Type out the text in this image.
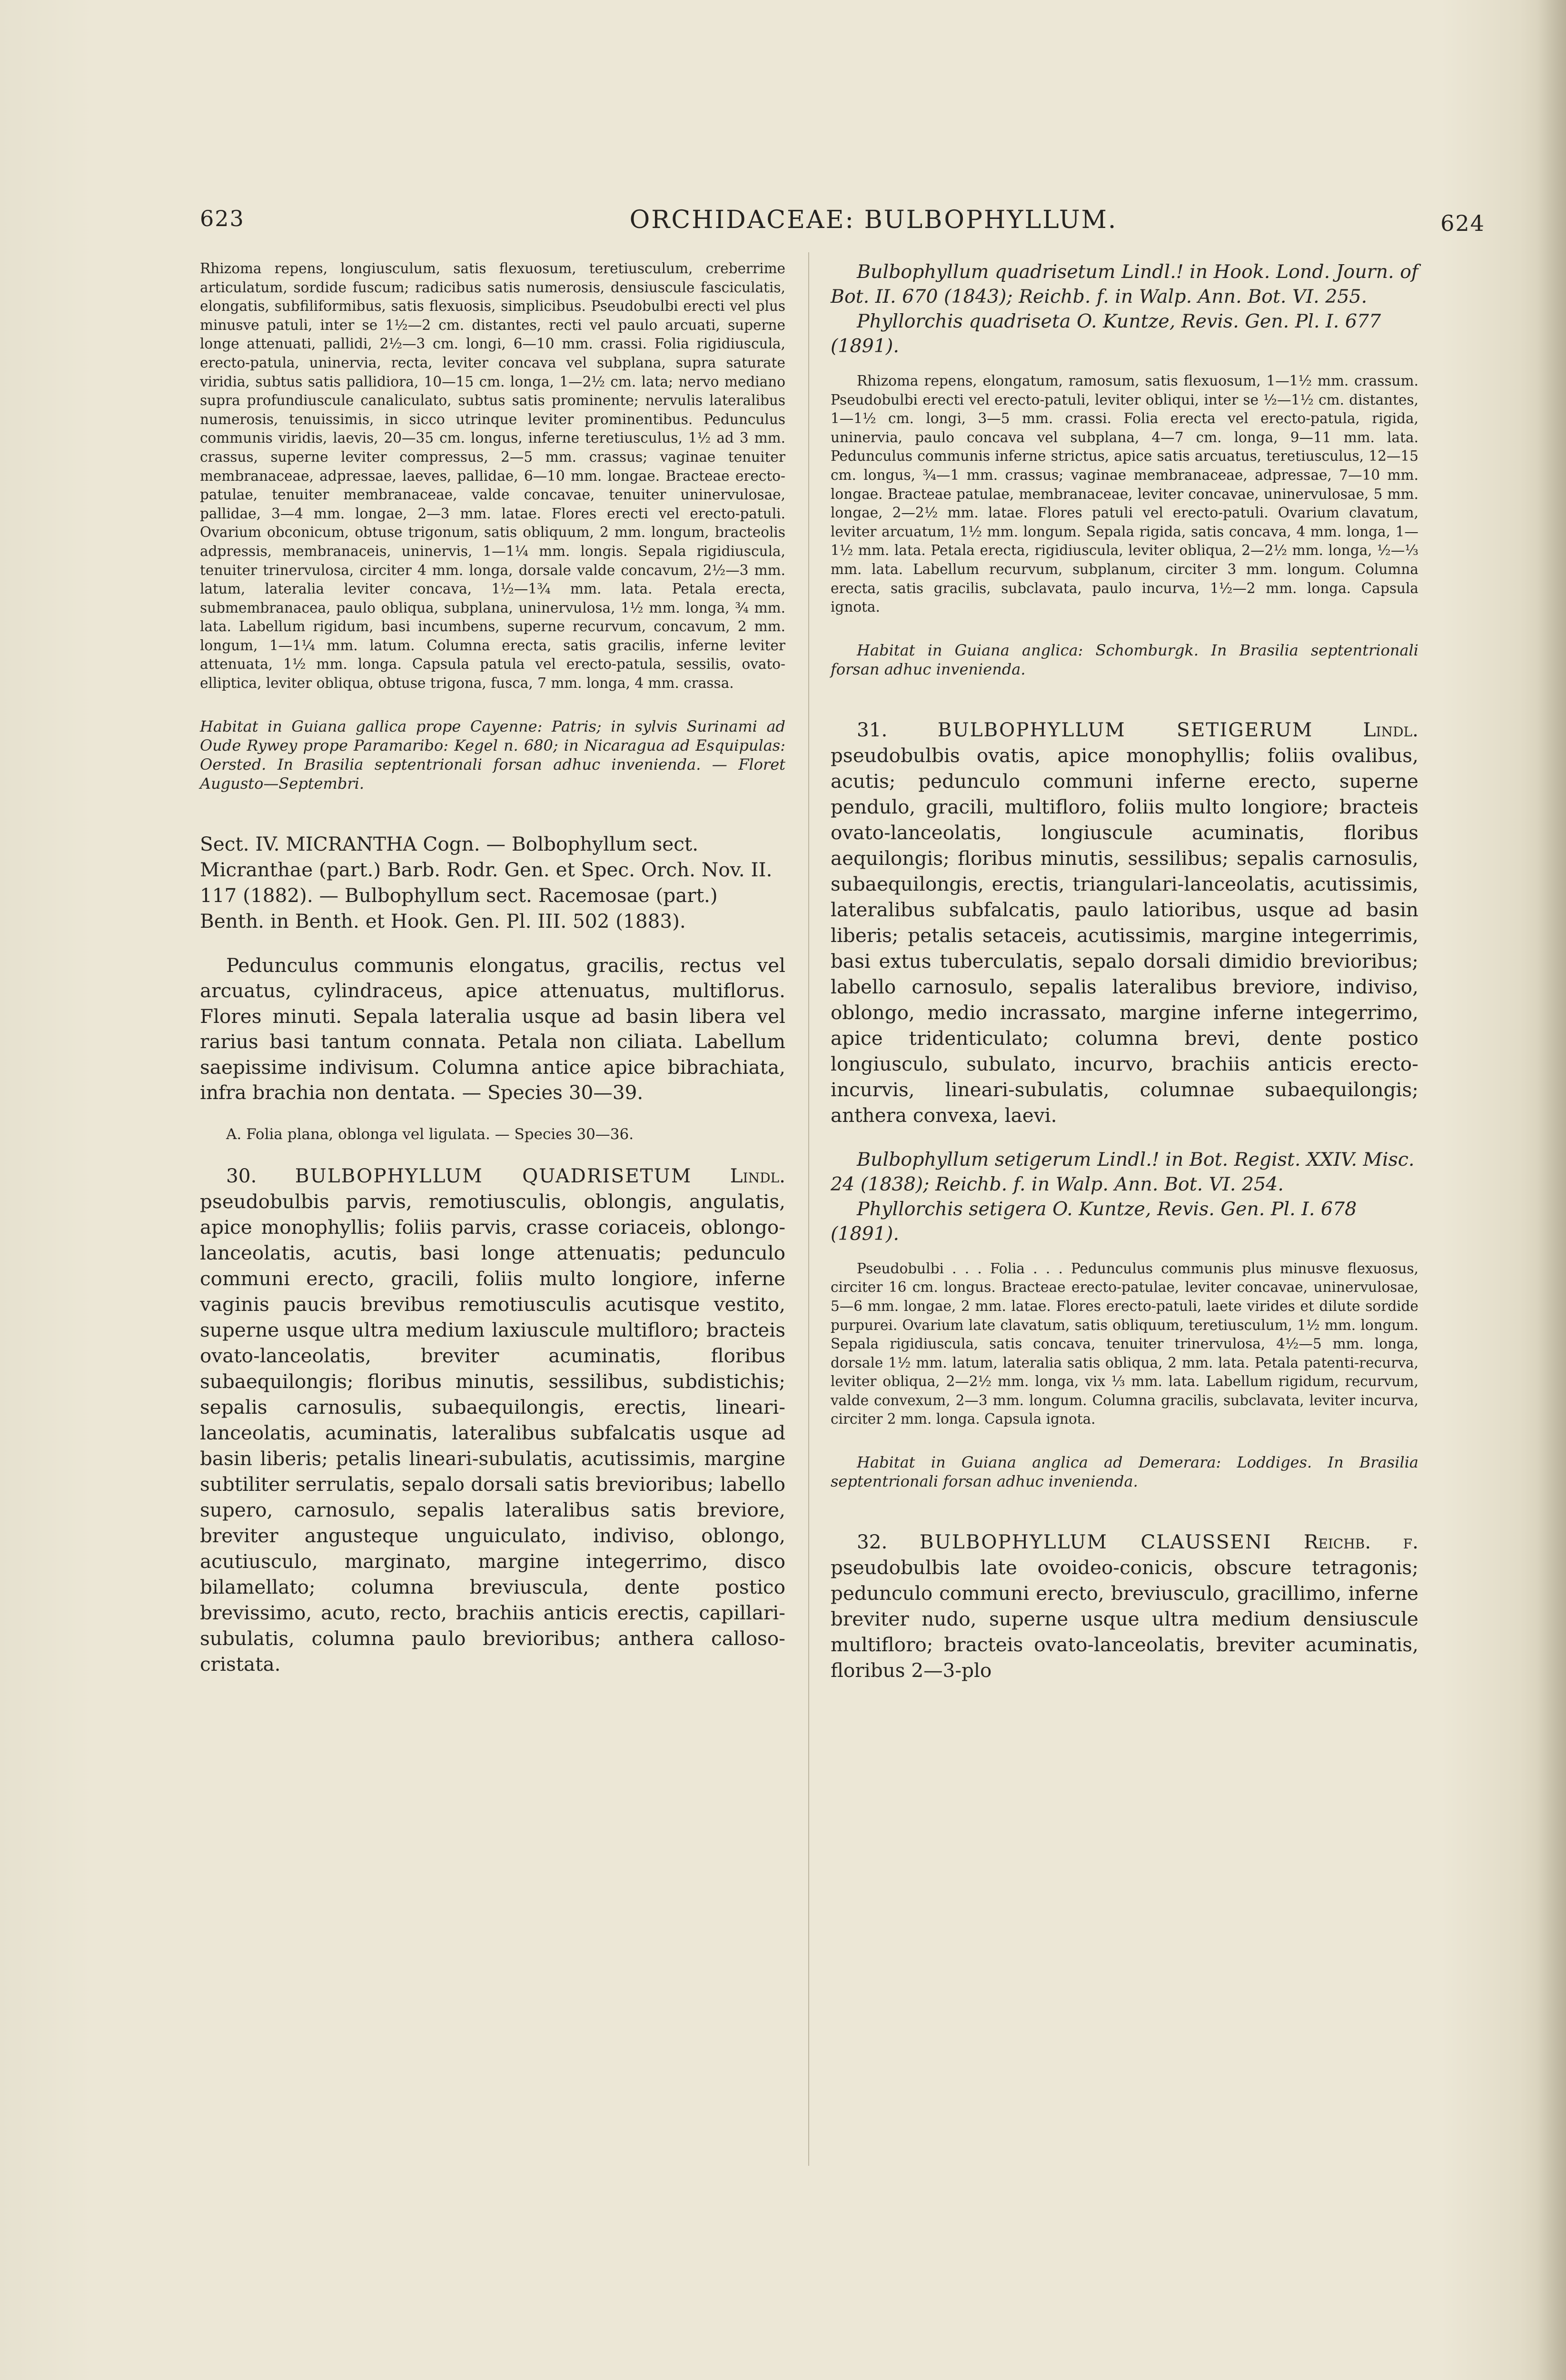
623	ORCHIDACEAE: BULBOPHYLLUM.	624

Rhizoma repens, longiusculum, satis flexuosum, teretiusculum, creberrime articulatum, sordide fuscum; radicibus satis numerosis, densiuscule fasciculatis, elongatis, subfiliformibus, satis flexuosis, simplicibus. Pseudobulbi erecti vel plus minusve patuli, inter se 1½—2 cm. distantes, recti vel paulo arcuati, superne longe attenuati, pallidi, 2½—3 cm. longi, 6—10 mm. crassi. Folia rigidiuscula, erecto-patula, uninervia, recta, leviter concava vel subplana, supra saturate viridia, subtus satis pallidiora, 10—15 cm. longa, 1—2½ cm. lata; nervo mediano supra profundiuscule canaliculato, subtus satis prominente; nervulis lateralibus numerosis, tenuissimis, in sicco utrinque leviter prominentibus. Pedunculus communis viridis, laevis, 20—35 cm. longus, inferne teretiusculus, 1½ ad 3 mm. crassus, superne leviter compressus, 2—5 mm. crassus; vaginae tenuiter membranaceae, adpressae, laeves, pallidae, 6—10 mm. longae. Bracteae erecto-patulae, tenuiter membranaceae, valde concavae, tenuiter uninervulosae, pallidae, 3—4 mm. longae, 2—3 mm. latae. Flores erecti vel erecto-patuli. Ovarium obconicum, obtuse trigonum, satis obliquum, 2 mm. longum, bracteolis adpressis, membranaceis, uninervis, 1—1¼ mm. longis. Sepala rigidiuscula, tenuiter trinervulosa, circiter 4 mm. longa, dorsale valde concavum, 2½—3 mm. latum, lateralia leviter concava, 1½—1¾ mm. lata. Petala erecta, submembranacea, paulo obliqua, subplana, uninervulosa, 1½ mm. longa, ¾ mm. lata. Labellum rigidum, basi incumbens, superne recurvum, concavum, 2 mm. longum, 1—1¼ mm. latum. Columna erecta, satis gracilis, inferne leviter attenuata, 1½ mm. longa. Capsula patula vel erecto-patula, sessilis, ovato-elliptica, leviter obliqua, obtuse trigona, fusca, 7 mm. longa, 4 mm. crassa.

Habitat in Guiana gallica prope Cayenne: Patris; in sylvis Surinami ad Oude Rywey prope Paramaribo: Kegel n. 680; in Nicaragua ad Esquipulas: Oersted. In Brasilia septentrionali forsan adhuc invenienda. — Floret Augusto—Septembri.

Sect. IV. MICRANTHA Cogn. — Bolbophyllum sect. Micranthae (part.) Barb. Rodr. Gen. et Spec. Orch. Nov. II. 117 (1882). — Bulbophyllum sect. Racemosae (part.) Benth. in Benth. et Hook. Gen. Pl. III. 502 (1883).

Pedunculus communis elongatus, gracilis, rectus vel arcuatus, cylindraceus, apice attenuatus, multiflorus. Flores minuti. Sepala lateralia usque ad basin libera vel rarius basi tantum connata. Petala non ciliata. Labellum saepissime indivisum. Columna antice apice bibrachiata, infra brachia non dentata. — Species 30—39.

A. Folia plana, oblonga vel ligulata. — Species 30—36.

30. BULBOPHYLLUM QUADRISETUM Lindl. pseudobulbis parvis, remotiusculis, oblongis, angulatis, apice monophyllis; foliis parvis, crasse coriaceis, oblongo-lanceolatis, acutis, basi longe attenuatis; pedunculo communi erecto, gracili, foliis multo longiore, inferne vaginis paucis brevibus remotiusculis acutisque vestito, superne usque ultra medium laxiuscule multifloro; bracteis ovato-lanceolatis, breviter acuminatis, floribus subaequilongis; floribus minutis, sessilibus, subdistichis; sepalis carnosulis, subaequilongis, erectis, lineari-lanceolatis, acuminatis, lateralibus subfalcatis usque ad basin liberis; petalis lineari-subulatis, acutissimis, margine subtiliter serrulatis, sepalo dorsali satis brevioribus; labello supero, carnosulo, sepalis lateralibus satis breviore, breviter angusteque unguiculato, indiviso, oblongo, acutiusculo, marginato, margine integerrimo, disco bilamellato; columna breviuscula, dente postico brevissimo, acuto, recto, brachiis anticis erectis, capillari-subulatis, columna paulo brevioribus; anthera calloso-cristata.

Bulbophyllum quadrisetum Lindl.! in Hook. Lond. Journ. of Bot. II. 670 (1843); Reichb. f. in Walp. Ann. Bot. VI. 255.

Phyllorchis quadriseta O. Kuntze, Revis. Gen. Pl. I. 677 (1891).

Rhizoma repens, elongatum, ramosum, satis flexuosum, 1—1½ mm. crassum. Pseudobulbi erecti vel erecto-patuli, leviter obliqui, inter se ½—1½ cm. distantes, 1—1½ cm. longi, 3—5 mm. crassi. Folia erecta vel erecto-patula, rigida, uninervia, paulo concava vel subplana, 4—7 cm. longa, 9—11 mm. lata. Pedunculus communis inferne strictus, apice satis arcuatus, teretiusculus, 12—15 cm. longus, ¾—1 mm. crassus; vaginae membranaceae, adpressae, 7—10 mm. longae. Bracteae patulae, membranaceae, leviter concavae, uninervulosae, 5 mm. longae, 2—2½ mm. latae. Flores patuli vel erecto-patuli. Ovarium clavatum, leviter arcuatum, 1½ mm. longum. Sepala rigida, satis concava, 4 mm. longa, 1—1½ mm. lata. Petala erecta, rigidiuscula, leviter obliqua, 2—2½ mm. longa, ½—⅓ mm. lata. Labellum recurvum, subplanum, circiter 3 mm. longum. Columna erecta, satis gracilis, subclavata, paulo incurva, 1½—2 mm. longa. Capsula ignota.

Habitat in Guiana anglica: Schomburgk. In Brasilia septentrionali forsan adhuc invenienda.

31.	BULBOPHYLLUM SETIGERUM	Lindl. pseudobulbis ovatis, apice monophyllis; foliis ovalibus, acutis; pedunculo communi inferne erecto, superne pendulo, gracili, multifloro, foliis multo longiore; bracteis ovato-lanceolatis, longiuscule acuminatis, floribus aequilongis; floribus minutis, sessilibus; sepalis carnosulis, subaequilongis, erectis, triangulari-lanceolatis, acutissimis, lateralibus subfalcatis, paulo latioribus, usque ad basin liberis; petalis setaceis, acutissimis, margine integerrimis, basi extus tuberculatis, sepalo dorsali dimidio brevioribus; labello carnosulo, sepalis lateralibus breviore, indiviso, oblongo, medio incrassato, margine inferne integerrimo, apice tridenticulato; columna brevi, dente postico longiusculo, subulato, incurvo, brachiis anticis erecto-incurvis, lineari-subulatis, columnae subaequilongis; anthera convexa, laevi.

Bulbophyllum setigerum Lindl.! in Bot. Regist. XXIV. Misc. 24 (1838); Reichb. f. in Walp. Ann. Bot. VI. 254.

Phyllorchis setigera O. Kuntze, Revis. Gen. Pl. I. 678 (1891).

Pseudobulbi . . . Folia . . . Pedunculus communis plus minusve flexuosus, circiter 16 cm. longus. Bracteae erecto-patulae, leviter concavae, uninervulosae, 5—6 mm. longae, 2 mm. latae. Flores erecto-patuli, laete virides et dilute sordide purpurei. Ovarium late clavatum, satis obliquum, teretiusculum, 1½ mm. longum. Sepala rigidiuscula, satis concava, tenuiter trinervulosa, 4½—5 mm. longa, dorsale 1½ mm. latum, lateralia satis obliqua, 2 mm. lata. Petala patenti-recurva, leviter obliqua, 2—2½ mm. longa, vix ⅓ mm. lata. Labellum rigidum, recurvum, valde convexum, 2—3 mm. longum. Columna gracilis, subclavata, leviter incurva, circiter 2 mm. longa. Capsula ignota.

Habitat in Guiana anglica ad Demerara: Loddiges. In Brasilia septentrionali forsan adhuc invenienda.

32. BULBOPHYLLUM CLAUSSENI Reichb. f. pseudobulbis late ovoideo-conicis, obscure tetragonis; pedunculo communi erecto, breviusculo, gracillimo, inferne breviter nudo, superne usque ultra medium densiuscule multifloro; bracteis ovato-lanceolatis, breviter acuminatis, floribus 2—3-plo
